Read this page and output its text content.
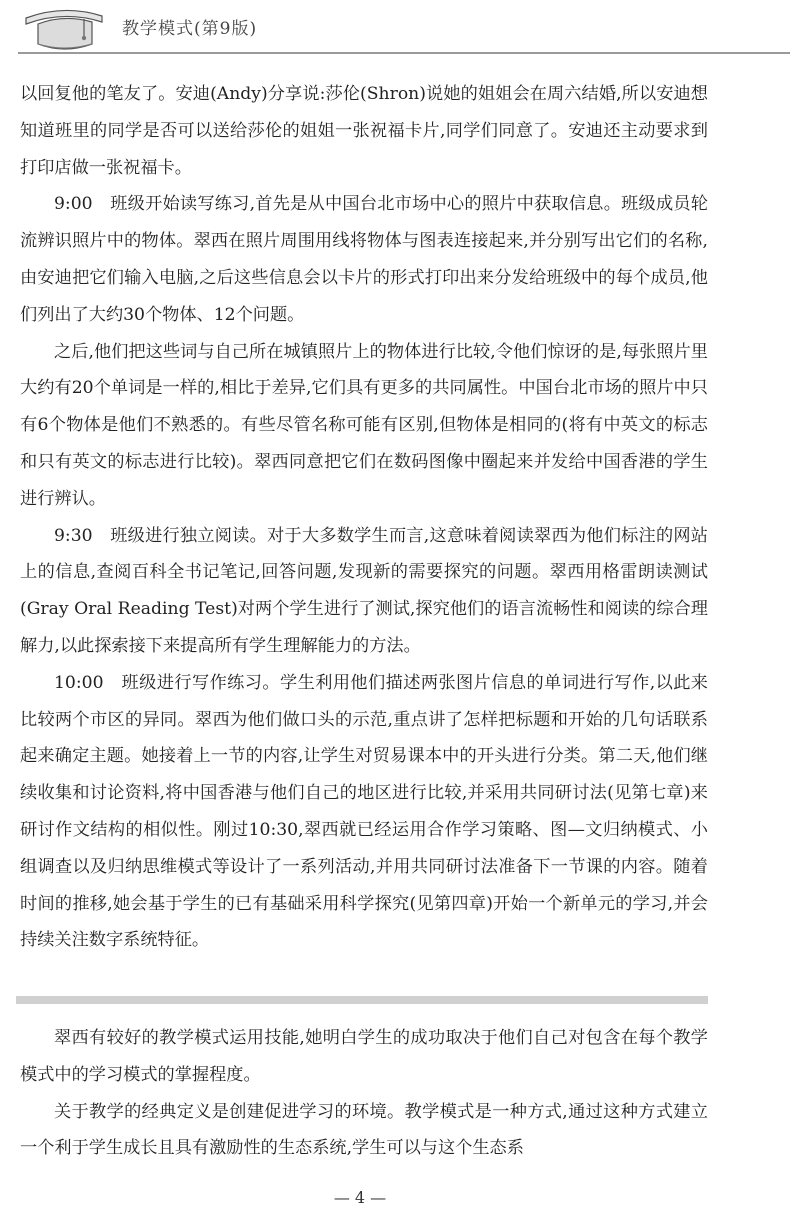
教学模式(第9版)

以回复他的笔友了。安迪(Andy)分享说:莎伦(Shron)说她的姐姐会在周六结婚,所以安迪想知道班里的同学是否可以送给莎伦的姐姐一张祝福卡片,同学们同意了。安迪还主动要求到打印店做一张祝福卡。

9:00　班级开始读写练习,首先是从中国台北市场中心的照片中获取信息。班级成员轮流辨识照片中的物体。翠西在照片周围用线将物体与图表连接起来,并分别写出它们的名称,由安迪把它们输入电脑,之后这些信息会以卡片的形式打印出来分发给班级中的每个成员,他们列出了大约30个物体、12个问题。

之后,他们把这些词与自己所在城镇照片上的物体进行比较,令他们惊讶的是,每张照片里大约有20个单词是一样的,相比于差异,它们具有更多的共同属性。中国台北市场的照片中只有6个物体是他们不熟悉的。有些尽管名称可能有区别,但物体是相同的(将有中英文的标志和只有英文的标志进行比较)。翠西同意把它们在数码图像中圈起来并发给中国香港的学生进行辨认。

9:30　班级进行独立阅读。对于大多数学生而言,这意味着阅读翠西为他们标注的网站上的信息,查阅百科全书记笔记,回答问题,发现新的需要探究的问题。翠西用格雷朗读测试(Gray Oral Reading Test)对两个学生进行了测试,探究他们的语言流畅性和阅读的综合理解力,以此探索接下来提高所有学生理解能力的方法。

10:00　班级进行写作练习。学生利用他们描述两张图片信息的单词进行写作,以此来比较两个市区的异同。翠西为他们做口头的示范,重点讲了怎样把标题和开始的几句话联系起来确定主题。她接着上一节的内容,让学生对贸易课本中的开头进行分类。第二天,他们继续收集和讨论资料,将中国香港与他们自己的地区进行比较,并采用共同研讨法(见第七章)来研讨作文结构的相似性。刚过10:30,翠西就已经运用合作学习策略、图—文归纳模式、小组调查以及归纳思维模式等设计了一系列活动,并用共同研讨法准备下一节课的内容。随着时间的推移,她会基于学生的已有基础采用科学探究(见第四章)开始一个新单元的学习,并会持续关注数字系统特征。

翠西有较好的教学模式运用技能,她明白学生的成功取决于他们自己对包含在每个教学模式中的学习模式的掌握程度。

关于教学的经典定义是创建促进学习的环境。教学模式是一种方式,通过这种方式建立一个利于学生成长且具有激励性的生态系统,学生可以与这个生态系

— 4 —
